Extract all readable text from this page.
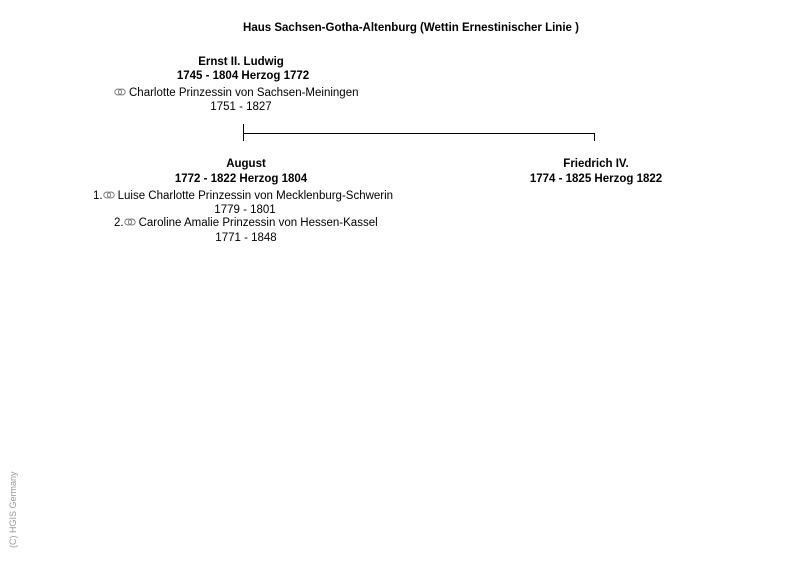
Haus Sachsen-Gotha-Altenburg (Wettin Ernestinischer Linie )
Ernst II. Ludwig
1745 - 1804 Herzog 1772
Charlotte Prinzessin von Sachsen-Meiningen
1751 - 1827
August
1772 - 1822 Herzog 1804
1. Luise Charlotte Prinzessin von Mecklenburg-Schwerin
1779 - 1801
2. Caroline Amalie Prinzessin von Hessen-Kassel
1771 - 1848
Friedrich IV.
1774 - 1825 Herzog 1822
(C) HGIS Germany
